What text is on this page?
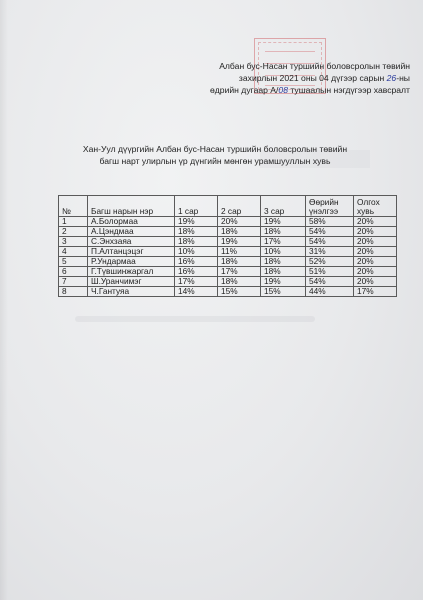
Албан бус-Насан туршийн боловсролын төвийн
захирлын 2021 оны 04 дүгээр сарын 26-ны
өдрийн дугаар А/08 тушаалын нэгдүгээр хавсралт
Хан-Уул дүүргийн Албан бус-Насан туршийн боловсролын төвийн
багш нарт улирлын үр дүнгийн мөнгөн урамшууллын хувь
№	Багш нарын нэр	1 сар	2 сар	3 сар	Өөрийн үнэлгээ	Олгох хувь
1	А.Болормаа	19%	20%	19%	58%	20%
2	А.Цэндмаа	18%	18%	18%	54%	20%
3	С.Энхзаяа	18%	19%	17%	54%	20%
4	П.Алтанцэцэг	10%	11%	10%	31%	20%
5	Р.Ундармаа	16%	18%	18%	52%	20%
6	Г.Түвшинжаргал	16%	17%	18%	51%	20%
7	Ш.Уранчимэг	17%	18%	19%	54%	20%
8	Ч.Гантуяа	14%	15%	15%	44%	17%
